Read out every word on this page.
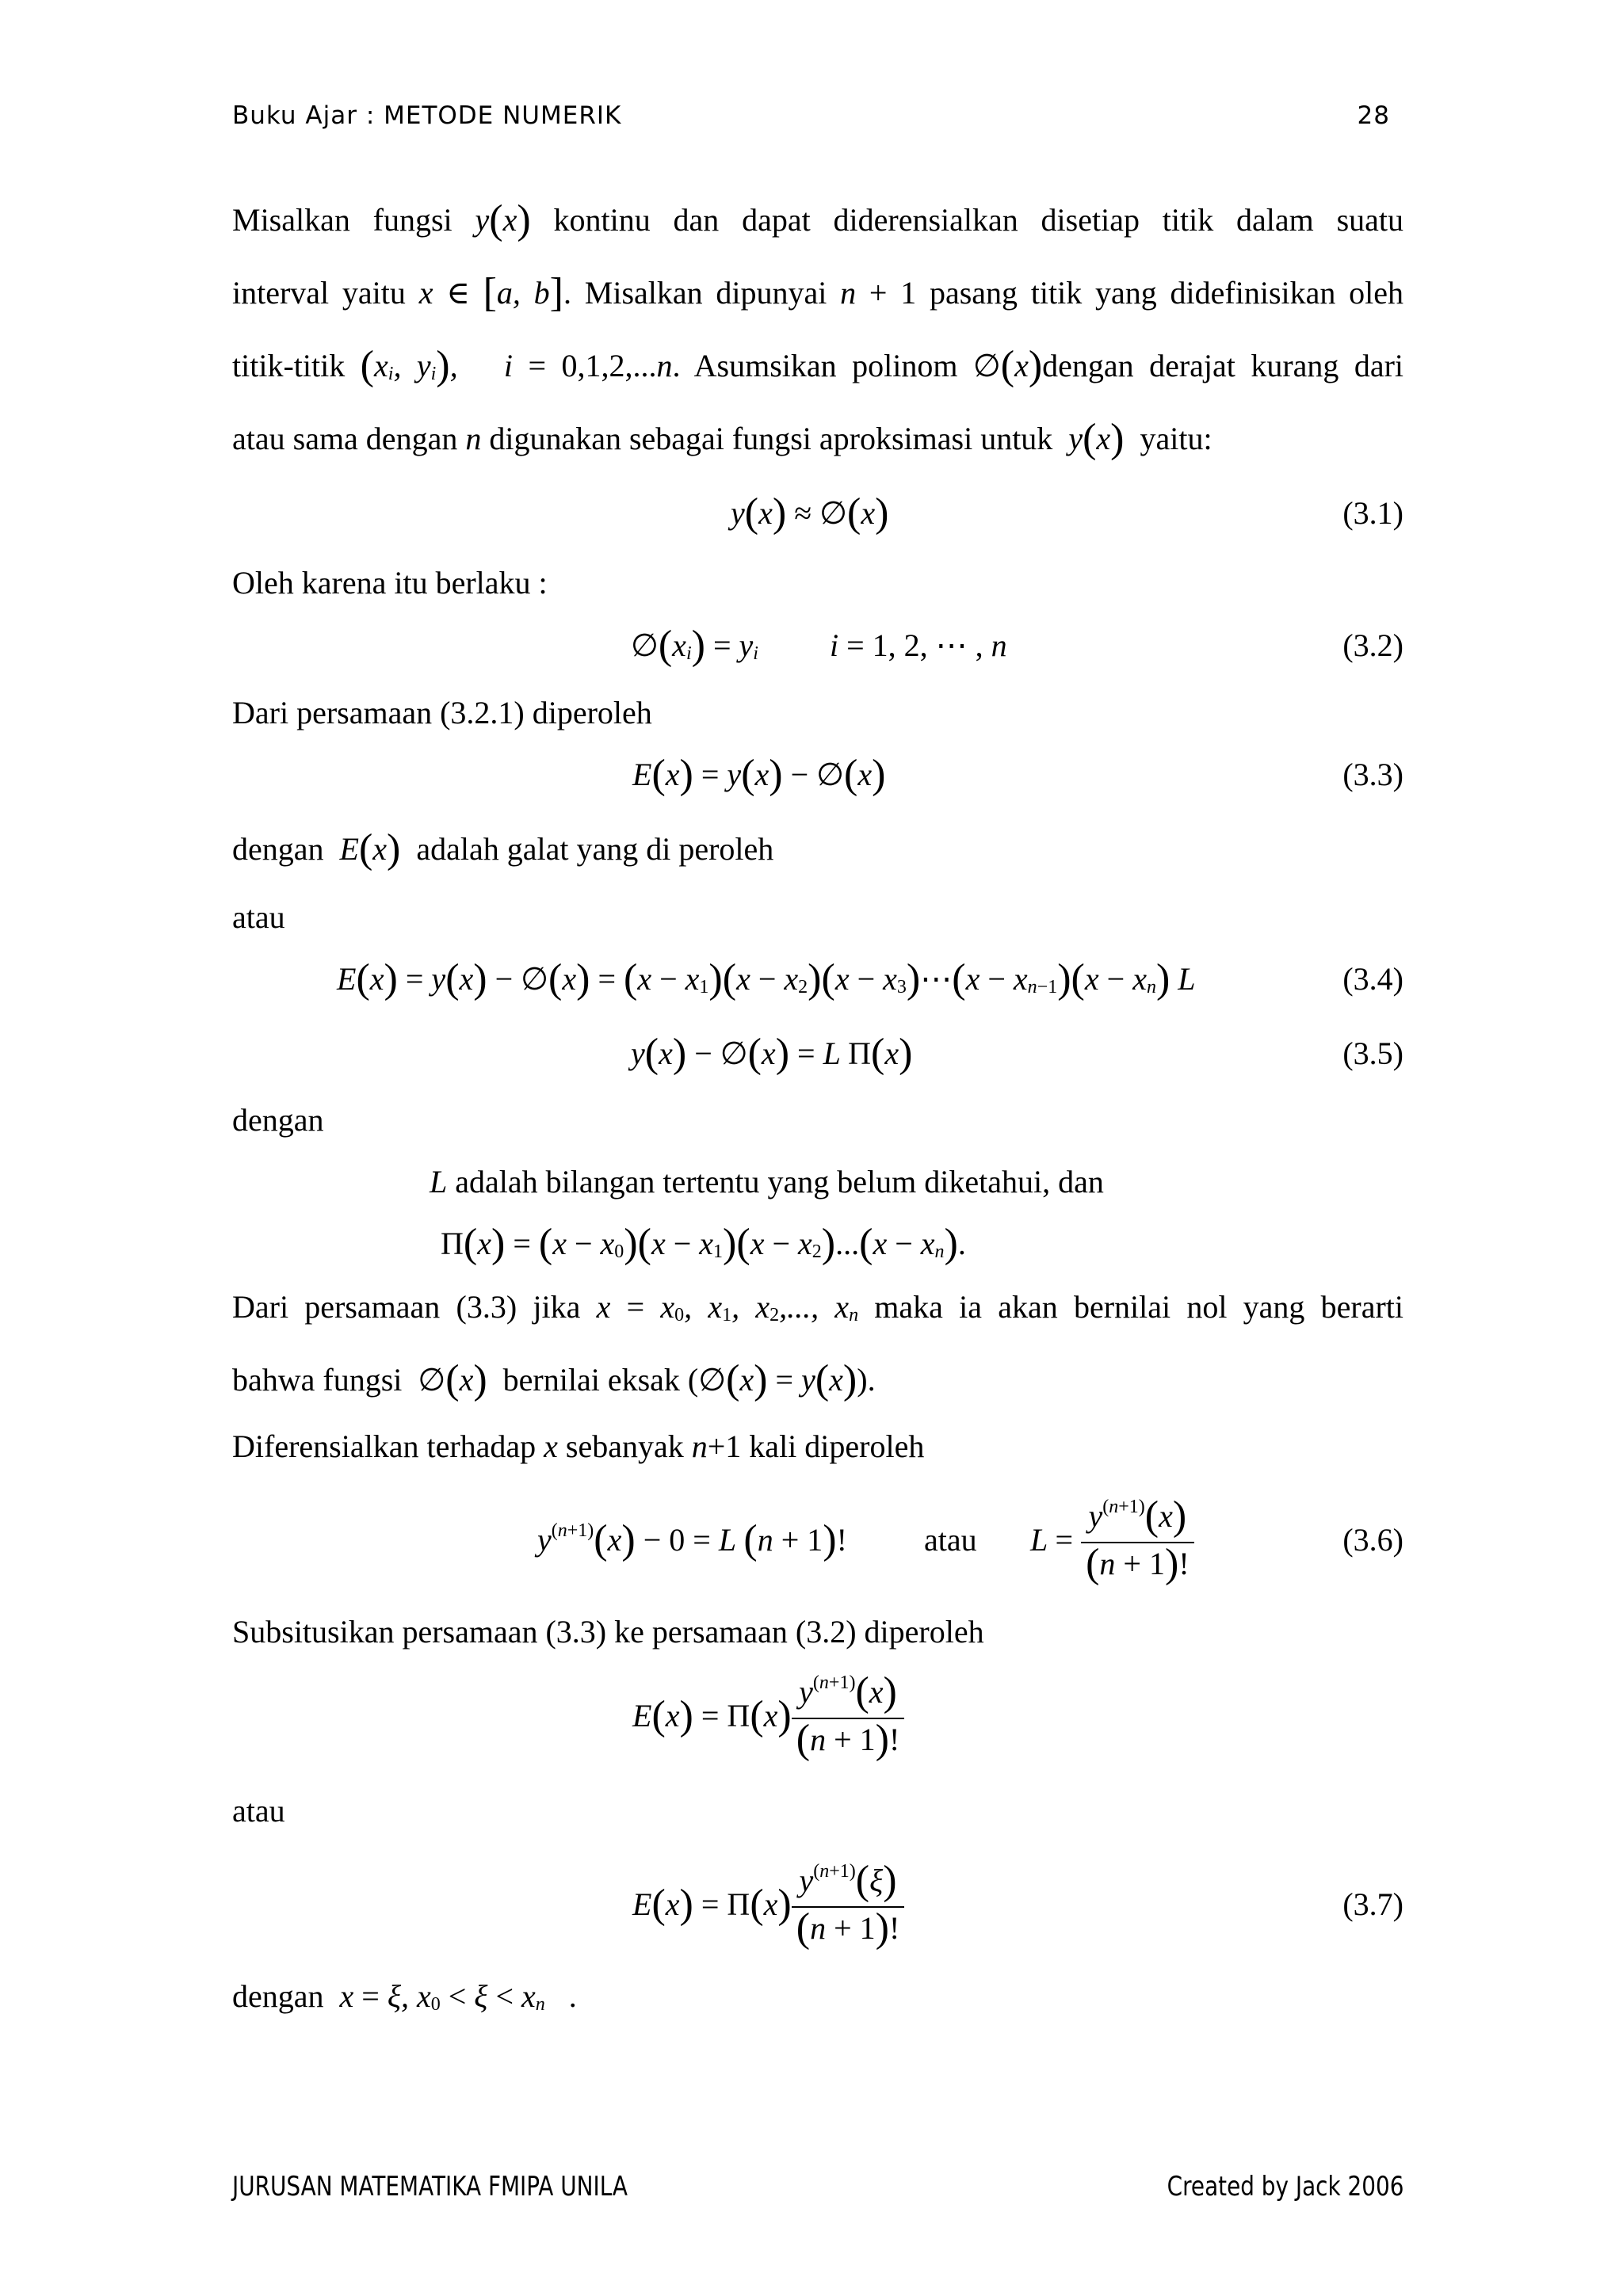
Buku Ajar : METODE NUMERIK	28
Misalkan fungsi y(x) kontinu dan dapat diderensialkan disetiap titik dalam suatu
interval yaitu x ∈ [a, b]. Misalkan dipunyai n + 1 pasang titik yang didefinisikan oleh
titik-titik ($x_i$, $y_i$),   i = 0,1,2,...n. Asumsikan polinom ∅(x)dengan derajat kurang dari
atau sama dengan n digunakan sebagai fungsi aproksimasi untuk  y(x) yaitu:
y(x) ≈ ∅(x)	(3.1)
Oleh karena itu berlaku :
$\emptyset(x_i) = y_i$         i = 1, 2, ⋯ , n	(3.2)
Dari persamaan (3.2.1) diperoleh
E(x) = y(x) − ∅(x)	(3.3)
dengan  E(x) adalah galat yang di peroleh
atau
E(x) = y(x) − ∅(x) = $(x - x_1)(x - x_2)(x$ − $x_3)\cdots(x - x_{n-1})(x - x_n)$ L	(3.4)
y(x) − ∅(x) = L Π(x)	(3.5)
dengan
L adalah bilangan tertentu yang belum diketahui, dan
$\Pi(x) = (x - x_0)(x - x_1)(x - x_2)...(x - x_n)$.
Dari persamaan (3.3) jika $x = x_0$, $x_1$, $x_2$,..., $x_n$ maka ia akan bernilai nol yang berarti
bahwa fungsi ∅(x) bernilai eksak (∅(x) = y(x)).
Diferensialkan terhadap x sebanyak n+1 kali diperoleh
$y^{(n+1)}(x) - 0 = L$ (n + 1)! atau $L = \frac{y^{(n+1)}(x)}{(n + 1)!}$	(3.6)
Subsitusikan persamaan (3.3) ke persamaan (3.2) diperoleh
$E(x) = \Pi(x) \frac{y^{(n+1)}(x)}{(n + 1)!}$
atau
$E(x) = \Pi(x) \frac{y^{(n+1)}(\xi)}{(n + 1)!}$	(3.7)
dengan  x = ξ, $x_0 < \xi < x_n$ .
JURUSAN MATEMATIKA FMIPA UNILA	Created by Jack 2006
